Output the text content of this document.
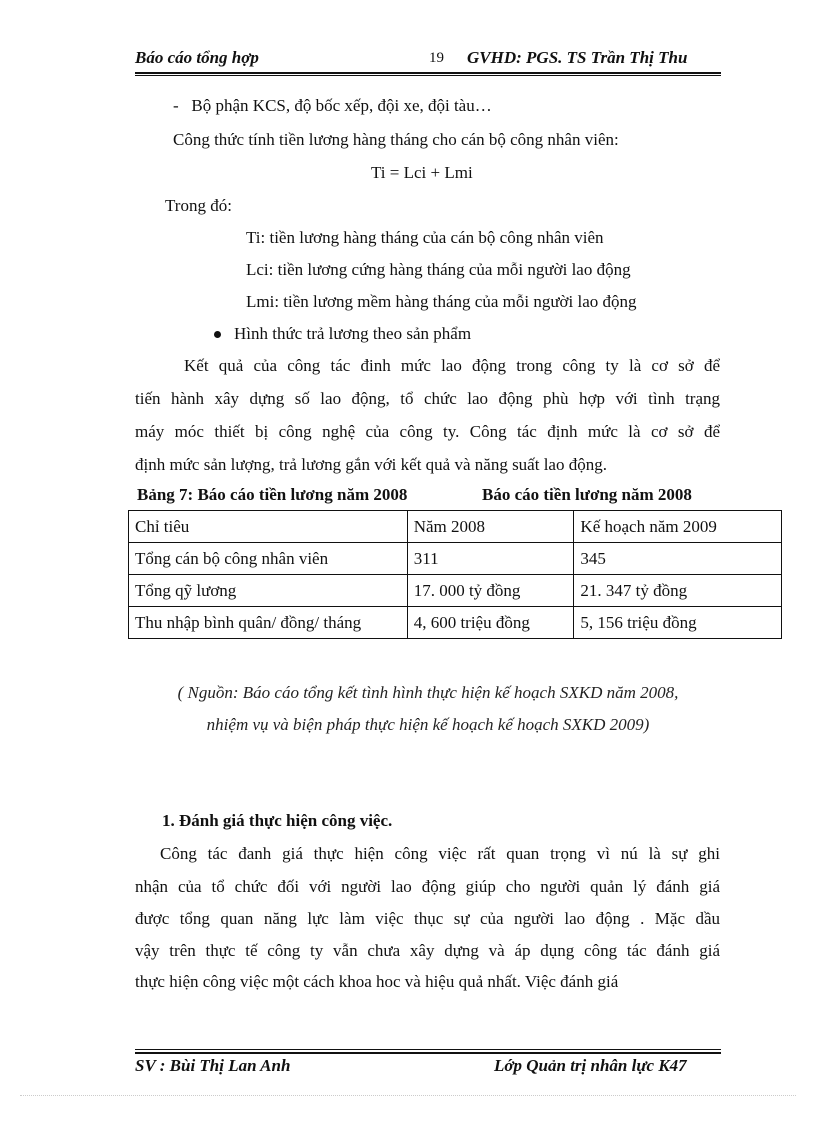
Báo cáo tổng hợp	19 GVHD: PGS. TS Trần Thị Thu
-   Bộ phận KCS, độ bốc xếp, đội xe, đội tàu…
Công thức tính tiền lương hàng tháng cho cán bộ công nhân viên:
Ti = Lci + Lmi
Trong đó:
Ti: tiền lương hàng tháng của cán bộ công nhân viên
Lci: tiền lương cứng hàng tháng của mỗi người lao động
Lmi: tiền lương mềm hàng tháng của mỗi người lao động
Hình thức trả lương theo sản phẩm
Kết quả của công tác đinh mức lao động trong công ty là cơ sở để
tiến hành xây dựng số lao động, tổ chức lao động phù hợp với tình trạng
máy móc thiết bị công nghệ của công ty. Công tác định mức là cơ sở để
định mức sản lượng, trả lương gắn với kết quả và năng suất lao động.
Bảng 7: Báo cáo tiền lương năm 2008	Báo cáo tiền lương năm 2008
Chỉ tiêu	Năm 2008	Kế hoạch năm 2009
Tổng cán bộ công nhân viên	311	345
Tổng qỹ lương	17. 000 tỷ đồng	21. 347 tỷ đồng
Thu nhập bình quân/ đồng/ tháng	4, 600 triệu đồng	5, 156 triệu đồng
( Nguồn: Báo cáo tổng kết tình hình thực hiện kế hoạch SXKD năm 2008,
nhiệm vụ và biện pháp thực hiện kế hoạch kế hoạch SXKD 2009)
1. Đánh giá thực hiện công việc.
Công tác đanh giá thực hiện công việc rất quan trọng vì nú là sự ghi
nhận của tổ chức đối với người lao động giúp cho người quản lý đánh giá
được tổng quan năng lực làm việc thục sự của người lao động . Mặc dầu
vậy trên thực tế công ty vẫn chưa xây dựng và áp dụng công tác đánh giá
thực hiện công việc một cách khoa hoc và hiệu quả nhất. Việc đánh giá
SV : Bùi Thị Lan Anh	Lớp Quản trị nhân lực K47
